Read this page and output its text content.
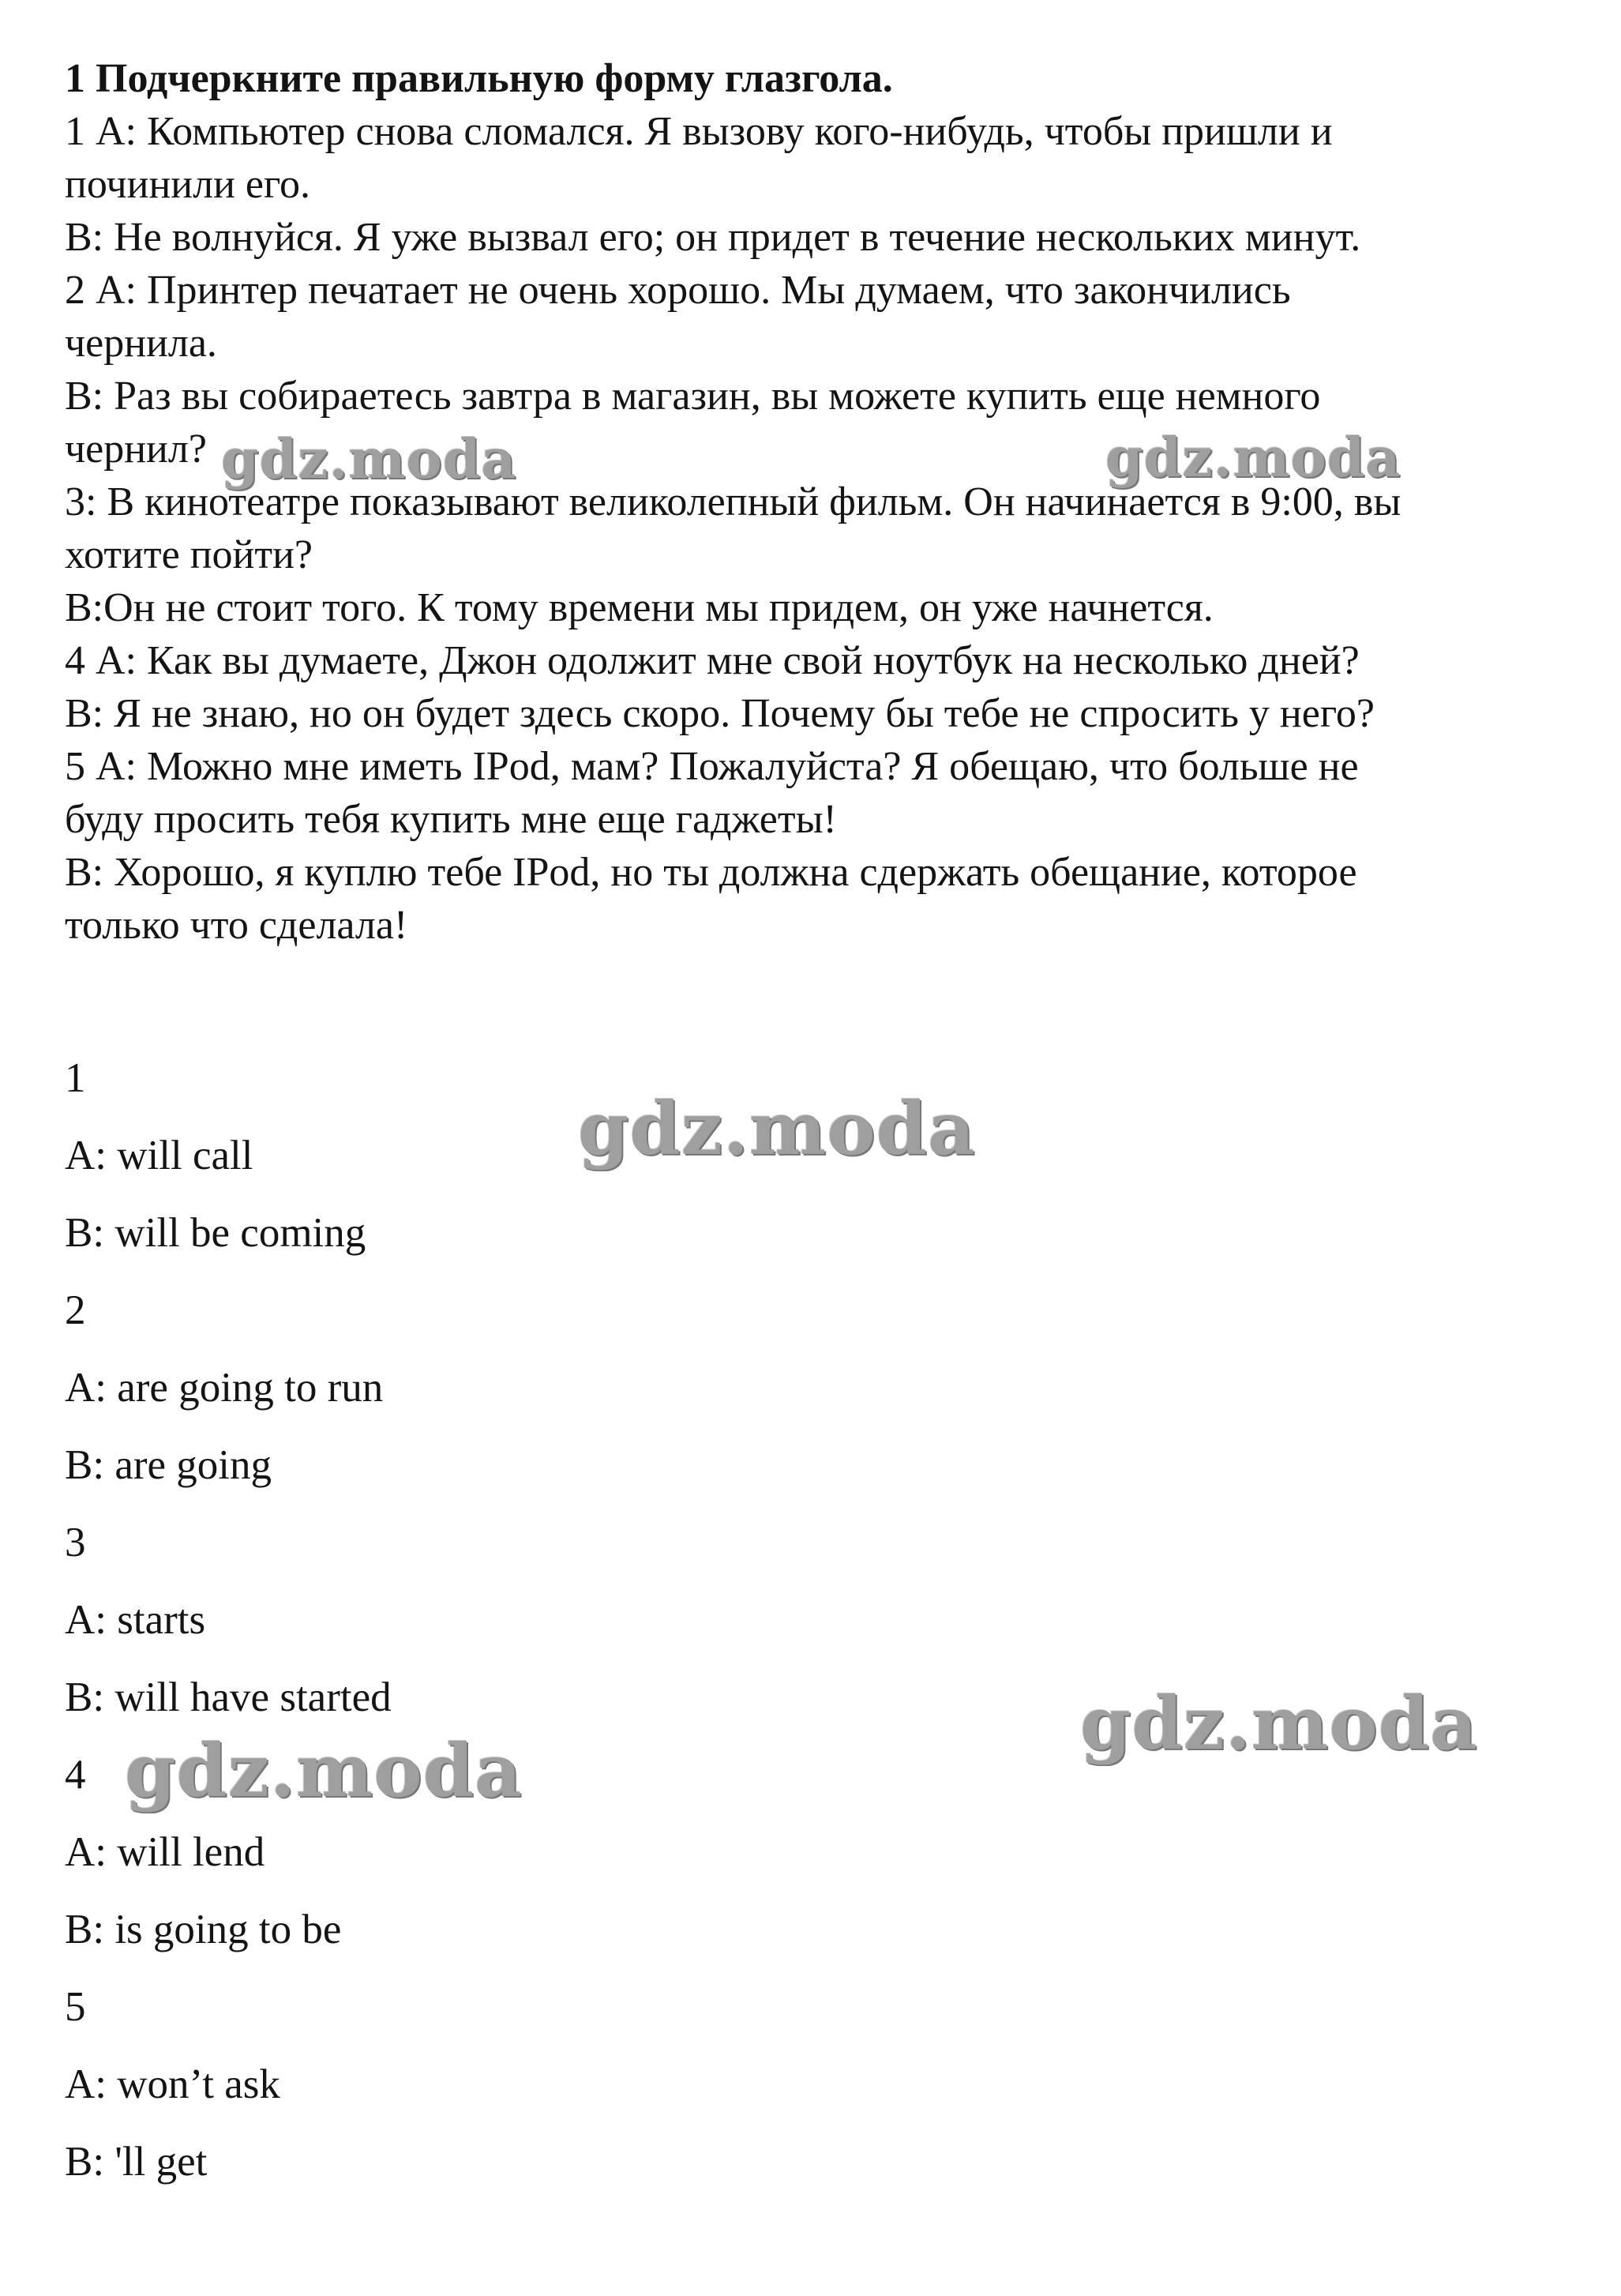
1 Подчеркните правильную форму глазгола.

1 А: Компьютер снова сломался. Я вызову кого-нибудь, чтобы пришли и

починили его.

В: Не волнуйся. Я уже вызвал его; он придет в течение нескольких минут.

2 А: Принтер печатает не очень хорошо. Мы думаем, что закончились

чернила.

В: Раз вы собираетесь завтра в магазин, вы можете купить еще немного

чернил?

3: В кинотеатре показывают великолепный фильм. Он начинается в 9:00, вы

хотите пойти?

В:Он не стоит того. К тому времени мы придем, он уже начнется.

4 А: Как вы думаете, Джон одолжит мне свой ноутбук на несколько дней?

В: Я не знаю, но он будет здесь скоро. Почему бы тебе не спросить у него?

5 А: Можно мне иметь IPod, мам? Пожалуйста? Я обещаю, что больше не

буду просить тебя купить мне еще гаджеты!

В: Хорошо, я куплю тебе IPod, но ты должна сдержать обещание, которое

только что сделала!

1
A: will call
B: will be coming
2
A: are going to run
B: are going
3
A: starts
B: will have started
4
A: will lend
B: is going to be
5
A: won’t ask
B: 'll get
gdz.moda	gdz.moda
gdz.moda
gdz.moda
gdz.moda
